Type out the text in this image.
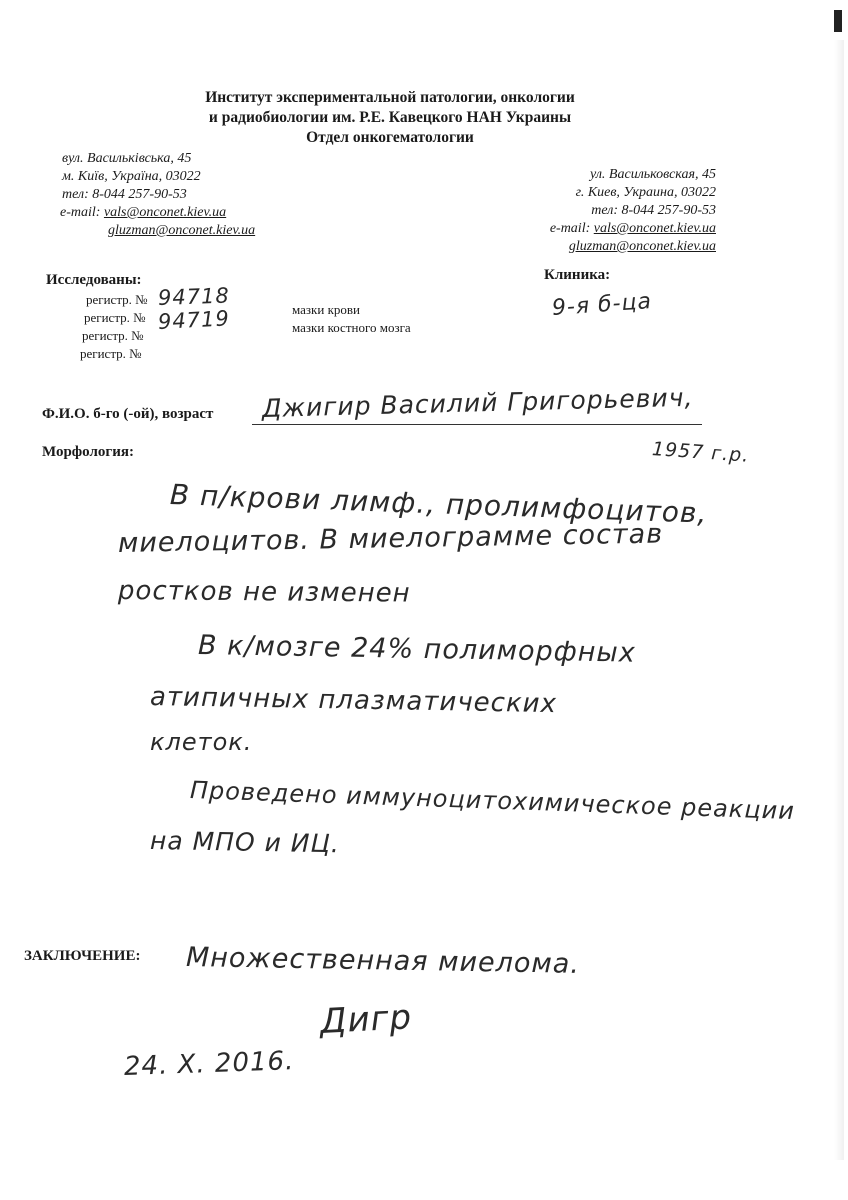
Институт экспериментальной патологии, онкологии
и радиобиологии им. Р.Е. Кавецкого НАН Украины
Отдел онкогематологии
вул. Васильківська, 45
м. Київ, Україна, 03022
тел: 8-044 257-90-53
e-mail: vals@onconet.kiev.ua
gluzman@onconet.kiev.ua
ул. Васильковская, 45
г. Киев, Украина, 03022
тел: 8-044 257-90-53
e-mail: vals@onconet.kiev.ua
gluzman@onconet.kiev.ua
Исследованы:
регистр. №
регистр. №
регистр. №
регистр. №
94718
94719	мазки крови
мазки костного мозга
Клиника:
9-я б-ца
Ф.И.О. б-го (-ой), возраст Джигир Василий Григорьевич,
1957 г.р.
Морфология:
В п/крови лимф., пролимфоцитов,
миелоцитов. В миелограмме состав
ростков не изменен
В к/мозге 24% полиморфных
атипичных плазматических
клеток.
Проведено иммуноцитохимическое реакции
на MПO и ИЦ.
ЗАКЛЮЧЕНИЕ: Множественная миелома.
Дигр
24. X. 2016.
